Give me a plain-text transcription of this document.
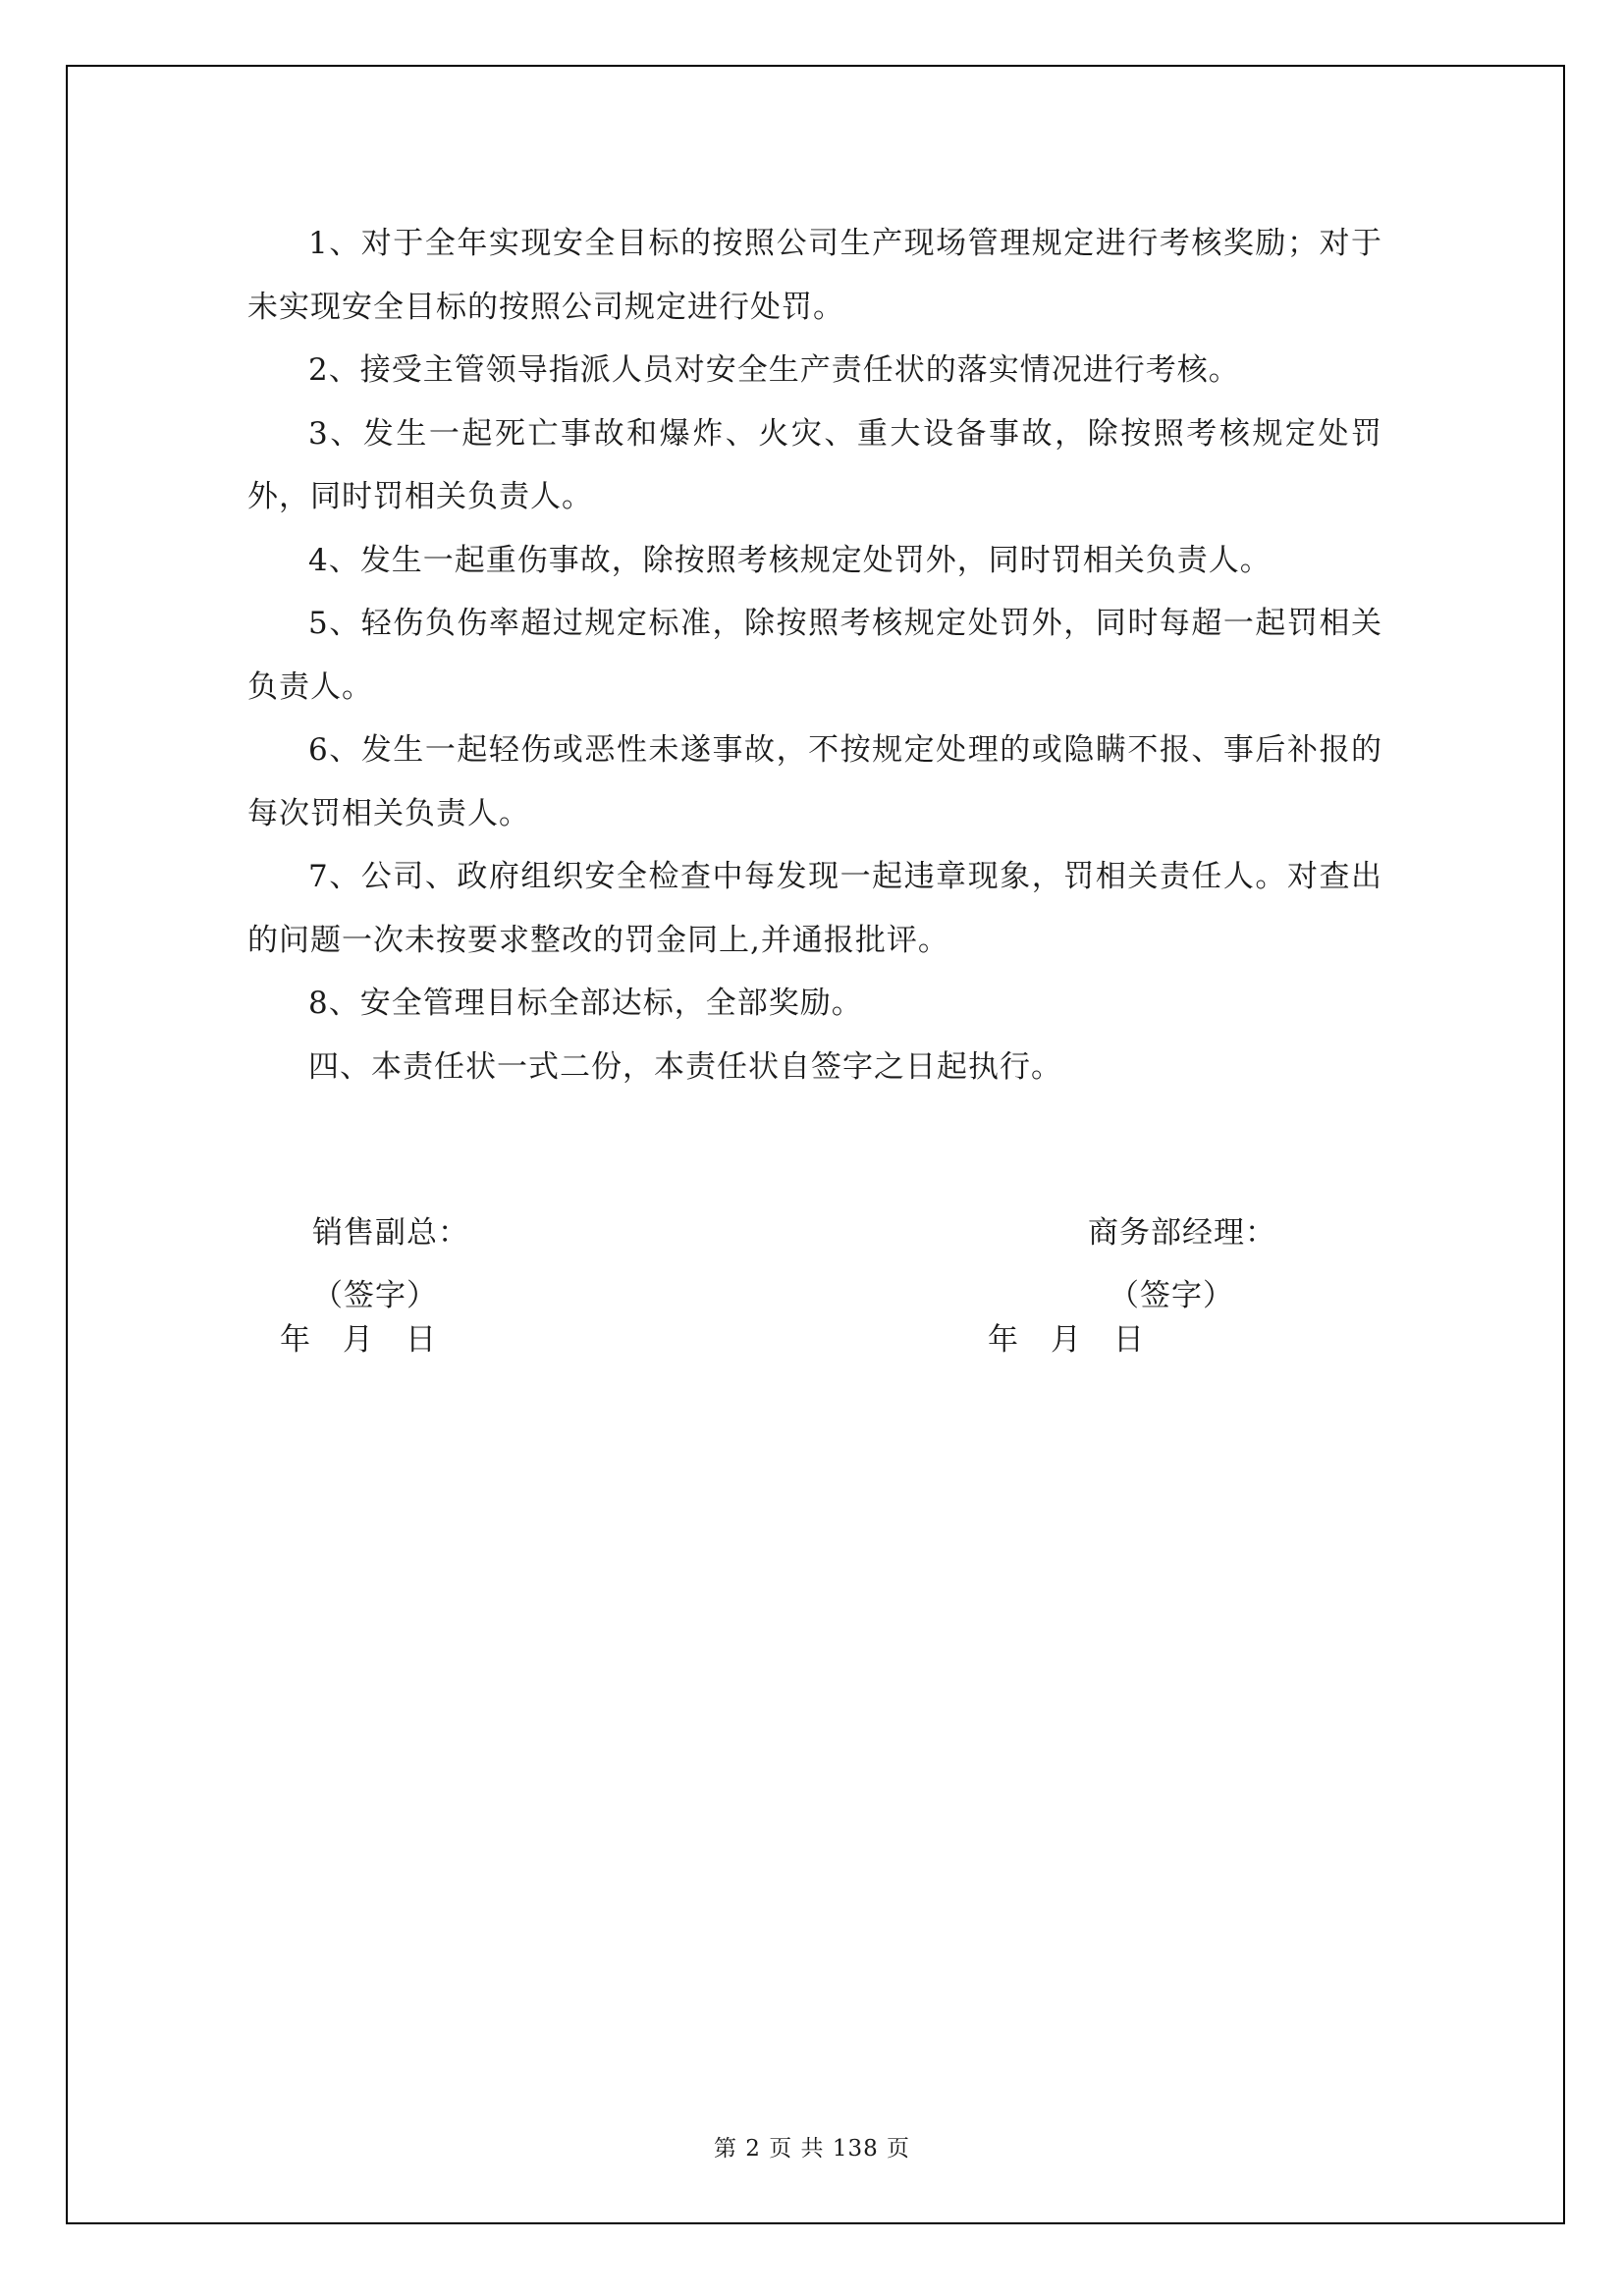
1、对于全年实现安全目标的按照公司生产现场管理规定进行考核奖励；对于未实现安全目标的按照公司规定进行处罚。

2、接受主管领导指派人员对安全生产责任状的落实情况进行考核。

3、发生一起死亡事故和爆炸、火灾、重大设备事故，除按照考核规定处罚外，同时罚相关负责人。

4、发生一起重伤事故，除按照考核规定处罚外，同时罚相关负责人。

5、轻伤负伤率超过规定标准，除按照考核规定处罚外，同时每超一起罚相关负责人。

6、发生一起轻伤或恶性未遂事故，不按规定处理的或隐瞒不报、事后补报的每次罚相关负责人。

7、公司、政府组织安全检查中每发现一起违章现象，罚相关责任人。对查出的问题一次未按要求整改的罚金同上,并通报批评。

8、安全管理目标全部达标，全部奖励。

四、本责任状一式二份，本责任状自签字之日起执行。

销售副总：
（签字）
年　月　日
商务部经理：
（签字）
年　月　日
第 2 页 共 138 页
